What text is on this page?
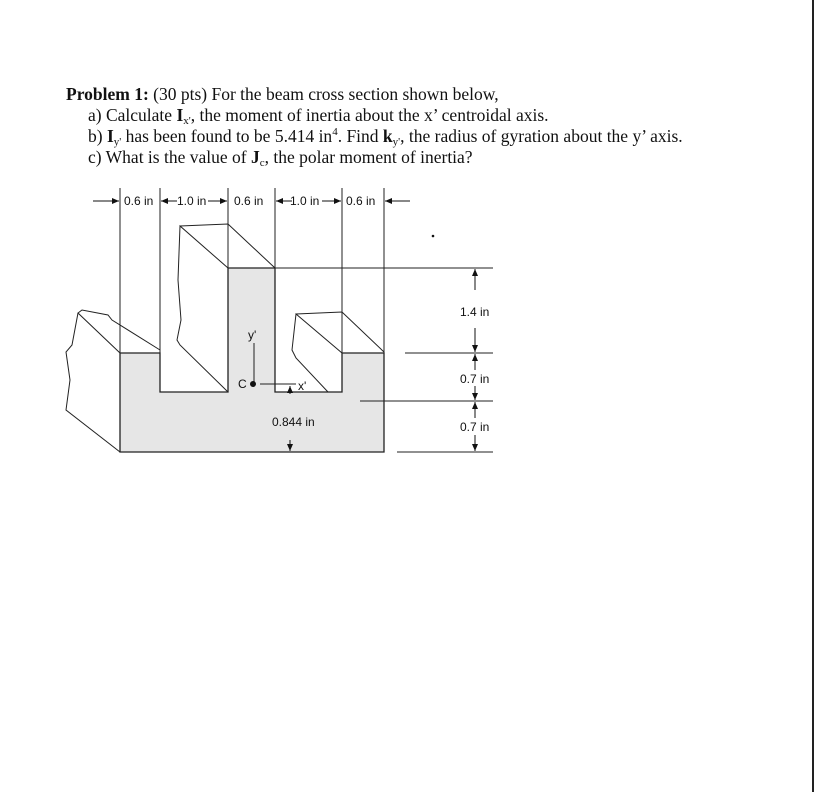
Problem 1: (30 pts) For the beam cross section shown below,
a) Calculate $I_{x'}$, the moment of inertia about the x’ centroidal axis.
b) $I_{y'}$ has been found to be 5.414 $in^4$. Find $k_{y'}$, the radius of gyration about the y’ axis.
c) What is the value of $J_c$, the polar moment of inertia?
0.6 in 1.0 in 0.6 in 1.0 in 0.6 in
1.4 in
0.7 in
0.7 in
y'
x'
C
0.844 in
